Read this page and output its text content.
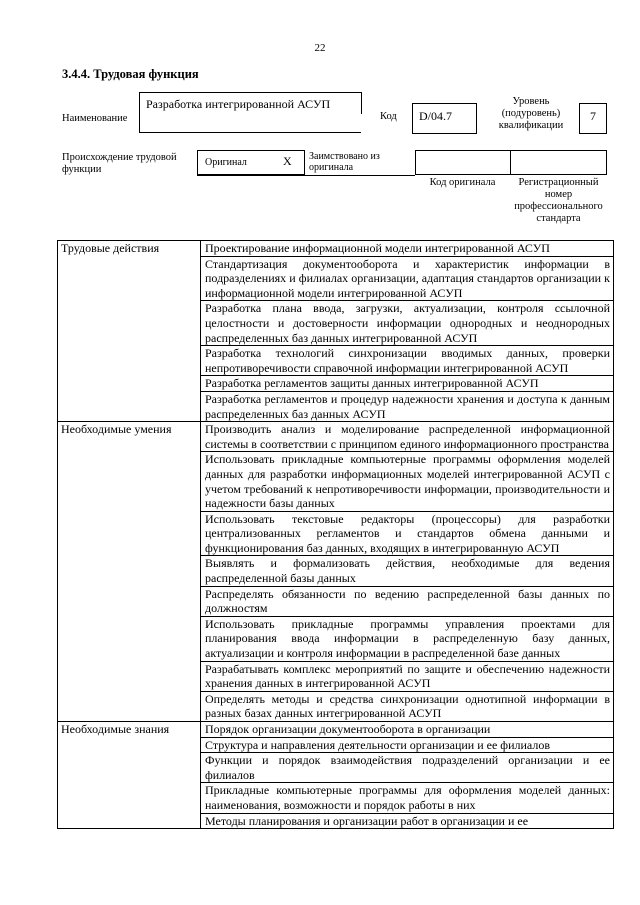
22
3.4.4. Трудовая функция
Наименование
Разработка интегрированной АСУП
Код	D/04.7
Уровень (подуровень) квалификации
7
Происхождение трудовой функции
Оригинал	X Заимствовано из оригинала
Код оригинала	Регистрационный номер профессионального стандарта
Трудовые действия	Проектирование информационной модели интегрированной АСУП
	Стандартизация документооборота и характеристик информации в подразделениях и филиалах организации, адаптация стандартов организации к информационной модели интегрированной АСУП
	Разработка плана ввода, загрузки, актуализации, контроля ссылочной целостности и достоверности информации однородных и неоднородных распределенных баз данных интегрированной АСУП
	Разработка технологий синхронизации вводимых данных, проверки непротиворечивости справочной информации интегрированной АСУП
	Разработка регламентов защиты данных интегрированной АСУП
	Разработка регламентов и процедур надежности хранения и доступа к данным распределенных баз данных АСУП
Необходимые умения	Производить анализ и моделирование распределенной информационной системы в соответствии с принципом единого информационного пространства
	Использовать прикладные компьютерные программы оформления моделей данных для разработки информационных моделей интегрированной АСУП с учетом требований к непротиворечивости информации, производительности и надежности базы данных
	Использовать текстовые редакторы (процессоры) для разработки централизованных регламентов и стандартов обмена данными и функционирования баз данных, входящих в интегрированную АСУП
	Выявлять и формализовать действия, необходимые для ведения распределенной базы данных
	Распределять обязанности по ведению распределенной базы данных по должностям
	Использовать прикладные программы управления проектами для планирования ввода информации в распределенную базу данных, актуализации и контроля информации в распределенной базе данных
	Разрабатывать комплекс мероприятий по защите и обеспечению надежности хранения данных в интегрированной АСУП
	Определять методы и средства синхронизации однотипной информации в разных базах данных интегрированной АСУП
Необходимые знания	Порядок организации документооборота в организации
	Структура и направления деятельности организации и ее филиалов
	Функции и порядок взаимодействия подразделений организации и ее филиалов
	Прикладные компьютерные программы для оформления моделей данных: наименования, возможности и порядок работы в них
	Методы планирования и организации работ в организации и ее
